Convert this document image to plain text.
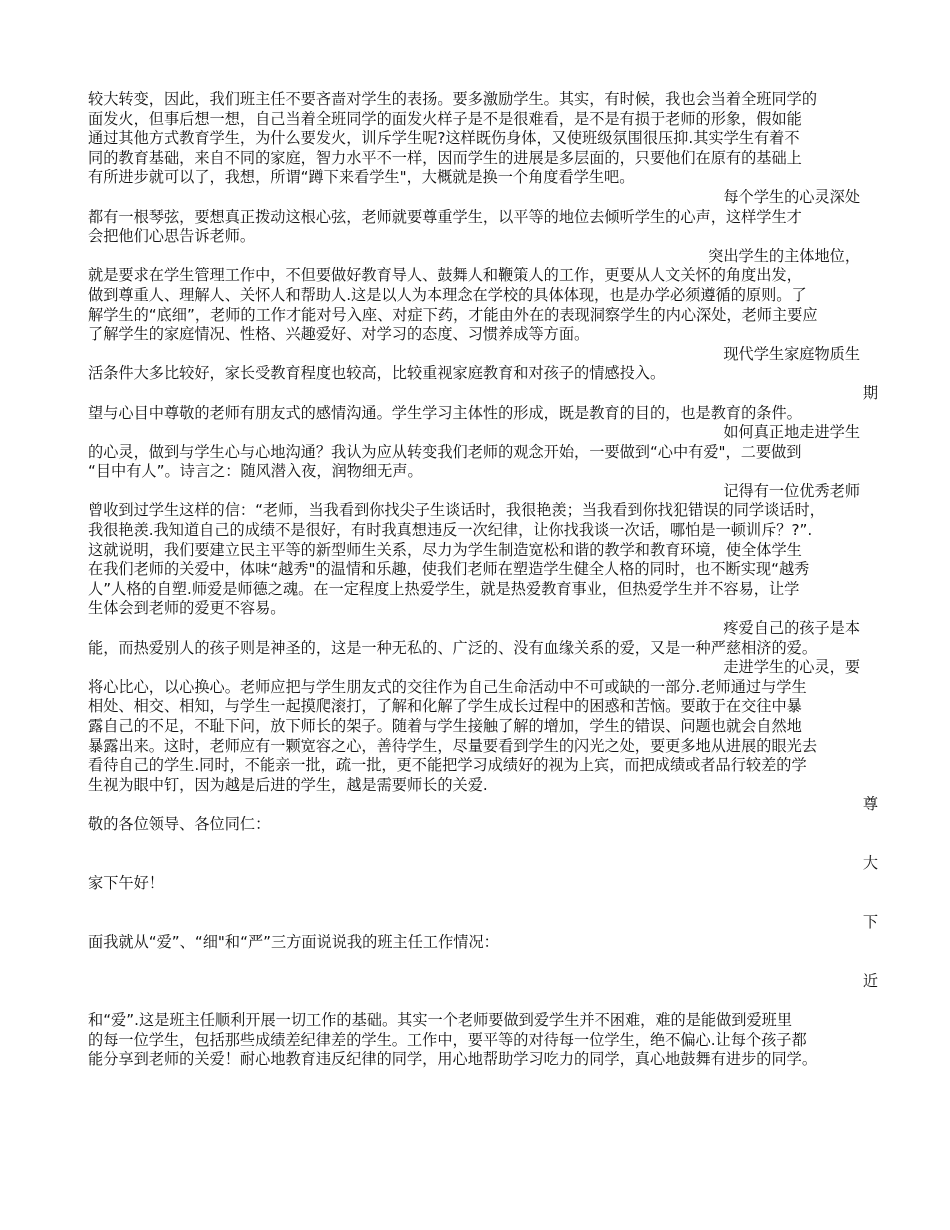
较大转变，因此，我们班主任不要吝啬对学生的表扬。要多激励学生。其实，有时候，我也会当着全班同学的
面发火，但事后想一想，自己当着全班同学的面发火样子是不是很难看，是不是有损于老师的形象，假如能
通过其他方式教育学生，为什么要发火，训斥学生呢?这样既伤身体，又使班级氛围很压抑.其实学生有着不
同的教育基础，来自不同的家庭，智力水平不一样，因而学生的进展是多层面的，只要他们在原有的基础上
有所进步就可以了，我想，所谓“蹲下来看学生"，大概就是换一个角度看学生吧。
每个学生的心灵深处
都有一根琴弦，要想真正拨动这根心弦，老师就要尊重学生，以平等的地位去倾听学生的心声，这样学生才
会把他们心思告诉老师。
突出学生的主体地位，
就是要求在学生管理工作中，不但要做好教育导人、鼓舞人和鞭策人的工作，更要从人文关怀的角度出发，
做到尊重人、理解人、关怀人和帮助人.这是以人为本理念在学校的具体体现，也是办学必须遵循的原则。了
解学生的“底细”，老师的工作才能对号入座、对症下药，才能由外在的表现洞察学生的内心深处，老师主要应
了解学生的家庭情况、性格、兴趣爱好、对学习的态度、习惯养成等方面。
现代学生家庭物质生
活条件大多比较好，家长受教育程度也较高，比较重视家庭教育和对孩子的情感投入。
期
望与心目中尊敬的老师有朋友式的感情沟通。学生学习主体性的形成，既是教育的目的，也是教育的条件。
如何真正地走进学生
的心灵，做到与学生心与心地沟通？我认为应从转变我们老师的观念开始，一要做到“心中有爱"，二要做到
“目中有人”。诗言之：随风潜入夜，润物细无声。
记得有一位优秀老师
曾收到过学生这样的信：“老师，当我看到你找尖子生谈话时，我很艳羡；当我看到你找犯错误的同学谈话时，
我很艳羡.我知道自己的成绩不是很好，有时我真想违反一次纪律，让你找我谈一次话，哪怕是一顿训斥？?”.
这就说明，我们要建立民主平等的新型师生关系，尽力为学生制造宽松和谐的教学和教育环境，使全体学生
在我们老师的关爱中，体味“越秀"的温情和乐趣，使我们老师在塑造学生健全人格的同时，也不断实现“越秀
人”人格的自塑.师爱是师德之魂。在一定程度上热爱学生，就是热爱教育事业，但热爱学生并不容易，让学
生体会到老师的爱更不容易。
疼爱自己的孩子是本
能，而热爱别人的孩子则是神圣的，这是一种无私的、广泛的、没有血缘关系的爱，又是一种严慈相济的爱。
走进学生的心灵，要
将心比心，以心换心。老师应把与学生朋友式的交往作为自己生命活动中不可或缺的一部分.老师通过与学生
相处、相交、相知，与学生一起摸爬滚打，了解和化解了学生成长过程中的困惑和苦恼。要敢于在交往中暴
露自己的不足，不耻下问，放下师长的架子。随着与学生接触了解的增加，学生的错误、问题也就会自然地
暴露出来。这时，老师应有一颗宽容之心，善待学生，尽量要看到学生的闪光之处，要更多地从进展的眼光去
看待自己的学生.同时，不能亲一批，疏一批，更不能把学习成绩好的视为上宾，而把成绩或者品行较差的学
生视为眼中钉，因为越是后进的学生，越是需要师长的关爱.
尊
敬的各位领导、各位同仁：
大
家下午好！
下
面我就从“爱”、“细"和“严”三方面说说我的班主任工作情况：
近
和“爱”.这是班主任顺利开展一切工作的基础。其实一个老师要做到爱学生并不困难，难的是能做到爱班里
的每一位学生，包括那些成绩差纪律差的学生。工作中，要平等的对待每一位学生，绝不偏心.让每个孩子都
能分享到老师的关爱！耐心地教育违反纪律的同学，用心地帮助学习吃力的同学，真心地鼓舞有进步的同学。
